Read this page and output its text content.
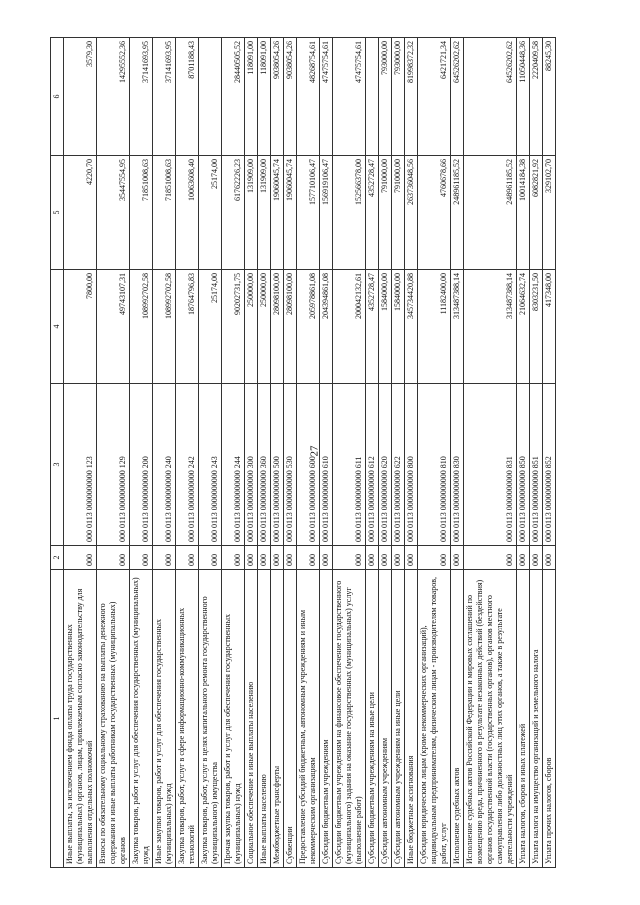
27
1	2	3	4	5	6
Иные выплаты, за исключением фонда оплаты труда государственных (муниципальных) органов, лицам, привлекаемым согласно законодательству для выполнения отдельных полномочий	000	000 0113 0000000000 123	7800,00	4220,70	3579,30
Взносы по обязательному социальному страхованию на выплаты денежного содержания и иные выплаты работникам государственных (муниципальных) органов	000	000 0113 0000000000 129	49743107,31	35447554,95	14295552,36
Закупка товаров, работ и услуг для обеспечения государственных (муниципальных) нужд	000	000 0113 0000000000 200	108992702,58	71851008,63	37141693,95
Иные закупки товаров, работ и услуг для обеспечения государственных (муниципальных) нужд	000	000 0113 0000000000 240	108992702,58	71851008,63	37141693,95
Закупка товаров, работ, услуг в сфере информационно-коммуникационных технологий	000	000 0113 0000000000 242	18764796,83	10063608,40	8701188,43
Закупка товаров, работ, услуг в целях капитального ремонта государственного (муниципального) имущества	000	000 0113 0000000000 243	25174,00	25174,00	
Прочая закупка товаров, работ и услуг для обеспечения государственных (муниципальных) нужд	000	000 0113 0000000000 244	90202731,75	61762226,23	28440505,52
Социальное обеспечение и иные выплаты населению	000	000 0113 0000000000 300	250000,00	131909,00	118091,00
Иные выплаты населению	000	000 0113 0000000000 360	250000,00	131909,00	118091,00
Межбюджетные трансферты	000	000 0113 0000000000 500	28098100,00	19060045,74	9038054,26
Субвенции	000	000 0113 0000000000 530	28098100,00	19060045,74	9038054,26
Предоставление субсидий бюджетным, автономным учреждениям и иным некоммерческим организациям	000	000 0113 0000000000 600	205978861,08	157710106,47	48268754,61
Субсидии бюджетным учреждениям	000	000 0113 0000000000 610	204394861,08	156919106,47	47475754,61
Субсидии бюджетным учреждениям на финансовое обеспечение государственного (муниципального) задания на оказание государственных (муниципальных) услуг (выполнение работ)	000	000 0113 0000000000 611	200042132,61	152566378,00	47475754,61
Субсидии бюджетным учреждениям на иные цели	000	000 0113 0000000000 612	4352728,47	4352728,47	
Субсидии автономным учреждениям	000	000 0113 0000000000 620	1584000,00	791000,00	793000,00
Субсидии автономным учреждениям на иные цели	000	000 0113 0000000000 622	1584000,00	791000,00	793000,00
Иные бюджетные ассигнования	000	000 0113 0000000000 800	345734420,88	263736048,56	81998372,32
Субсидии юридическим лицам (кроме некоммерческих организаций), индивидуальным предпринимателям, физическим лицам - производителям товаров, работ, услуг	000	000 0113 0000000000 810	11182400,00	4760678,66	6421721,34
Исполнение судебных актов	000	000 0113 0000000000 830	313487388,14	248961185,52	64526202,62
Исполнение судебных актов Российской Федерации и мировых соглашений по возмещению вреда, причиненного в результате незаконных действий (бездействия) органов государственной власти (государственных органов), органов местного самоуправления либо должностных лиц этих органов, а также в результате деятельности учреждений	000	000 0113 0000000000 831	313487388,14	248961185,52	64526202,62
Уплата налогов, сборов и иных платежей	000	000 0113 0000000000 850	21064632,74	10014184,38	11050448,36
Уплата налога на имущество организаций и земельного налога	000	000 0113 0000000000 851	8303231,50	6082821,92	2220409,58
Уплата прочих налогов, сборов	000	000 0113 0000000000 852	417348,00	329102,70	88245,30
